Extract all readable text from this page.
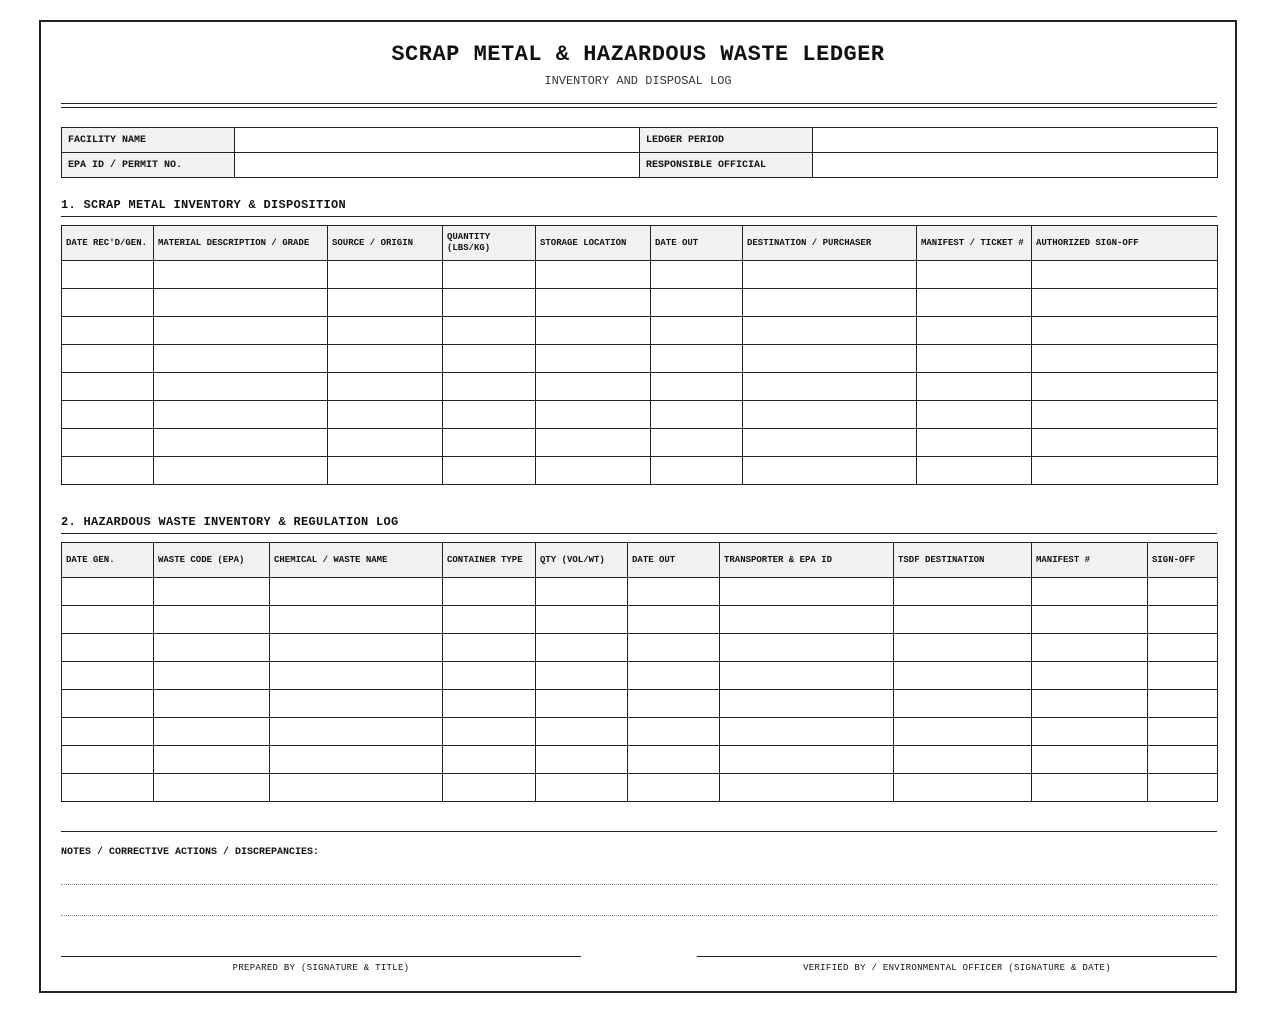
SCRAP METAL & HAZARDOUS WASTE LEDGER
INVENTORY AND DISPOSAL LOG
FACILITY NAME		LEDGER PERIOD	
EPA ID / PERMIT NO.		RESPONSIBLE OFFICIAL	
1. SCRAP METAL INVENTORY & DISPOSITION
DATE REC'D/GEN.	MATERIAL DESCRIPTION / GRADE	SOURCE / ORIGIN	QUANTITY (LBS/KG)	STORAGE LOCATION	DATE OUT	DESTINATION / PURCHASER	MANIFEST / TICKET #	AUTHORIZED SIGN-OFF

2. HAZARDOUS WASTE INVENTORY & REGULATION LOG
DATE GEN.	WASTE CODE (EPA)	CHEMICAL / WASTE NAME	CONTAINER TYPE	QTY (VOL/WT)	DATE OUT	TRANSPORTER & EPA ID	TSDF DESTINATION	MANIFEST #	SIGN-OFF

NOTES / CORRECTIVE ACTIONS / DISCREPANCIES:
PREPARED BY (SIGNATURE & TITLE)	VERIFIED BY / ENVIRONMENTAL OFFICER (SIGNATURE & DATE)
